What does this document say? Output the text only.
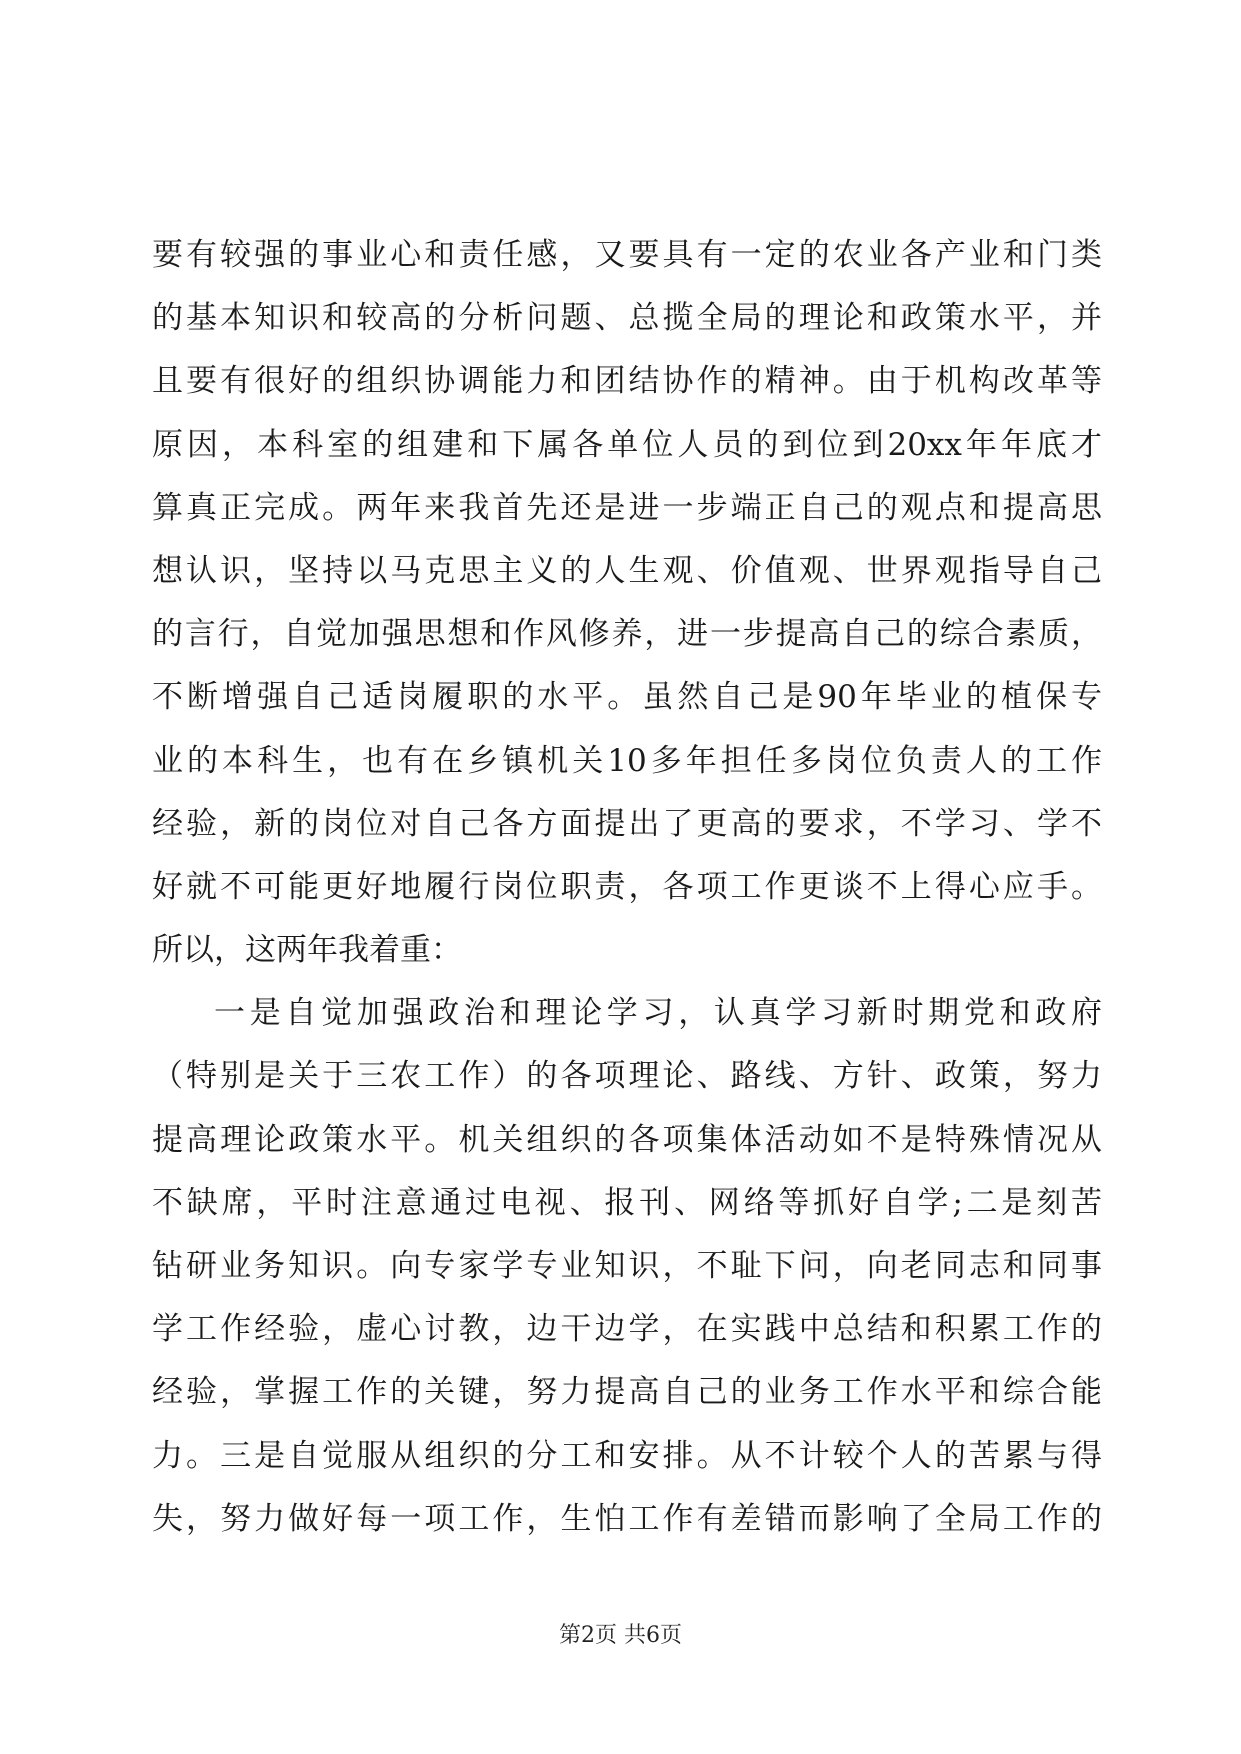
要有较强的事业心和责任感，又要具有一定的农业各产业和门类
的基本知识和较高的分析问题、总揽全局的理论和政策水平，并
且要有很好的组织协调能力和团结协作的精神。由于机构改革等
原因，本科室的组建和下属各单位人员的到位到20xx年年底才
算真正完成。两年来我首先还是进一步端正自己的观点和提高思
想认识，坚持以马克思主义的人生观、价值观、世界观指导自己
的言行，自觉加强思想和作风修养，进一步提高自己的综合素质，
不断增强自己适岗履职的水平。虽然自己是90年毕业的植保专
业的本科生，也有在乡镇机关10多年担任多岗位负责人的工作
经验，新的岗位对自己各方面提出了更高的要求，不学习、学不
好就不可能更好地履行岗位职责，各项工作更谈不上得心应手。
所以，这两年我着重：
一是自觉加强政治和理论学习，认真学习新时期党和政府
（特别是关于三农工作）的各项理论、路线、方针、政策，努力
提高理论政策水平。机关组织的各项集体活动如不是特殊情况从
不缺席，平时注意通过电视、报刊、网络等抓好自学;二是刻苦
钻研业务知识。向专家学专业知识，不耻下问，向老同志和同事
学工作经验，虚心讨教，边干边学，在实践中总结和积累工作的
经验，掌握工作的关键，努力提高自己的业务工作水平和综合能
力。三是自觉服从组织的分工和安排。从不计较个人的苦累与得
失，努力做好每一项工作，生怕工作有差错而影响了全局工作的
第2页 共6页
